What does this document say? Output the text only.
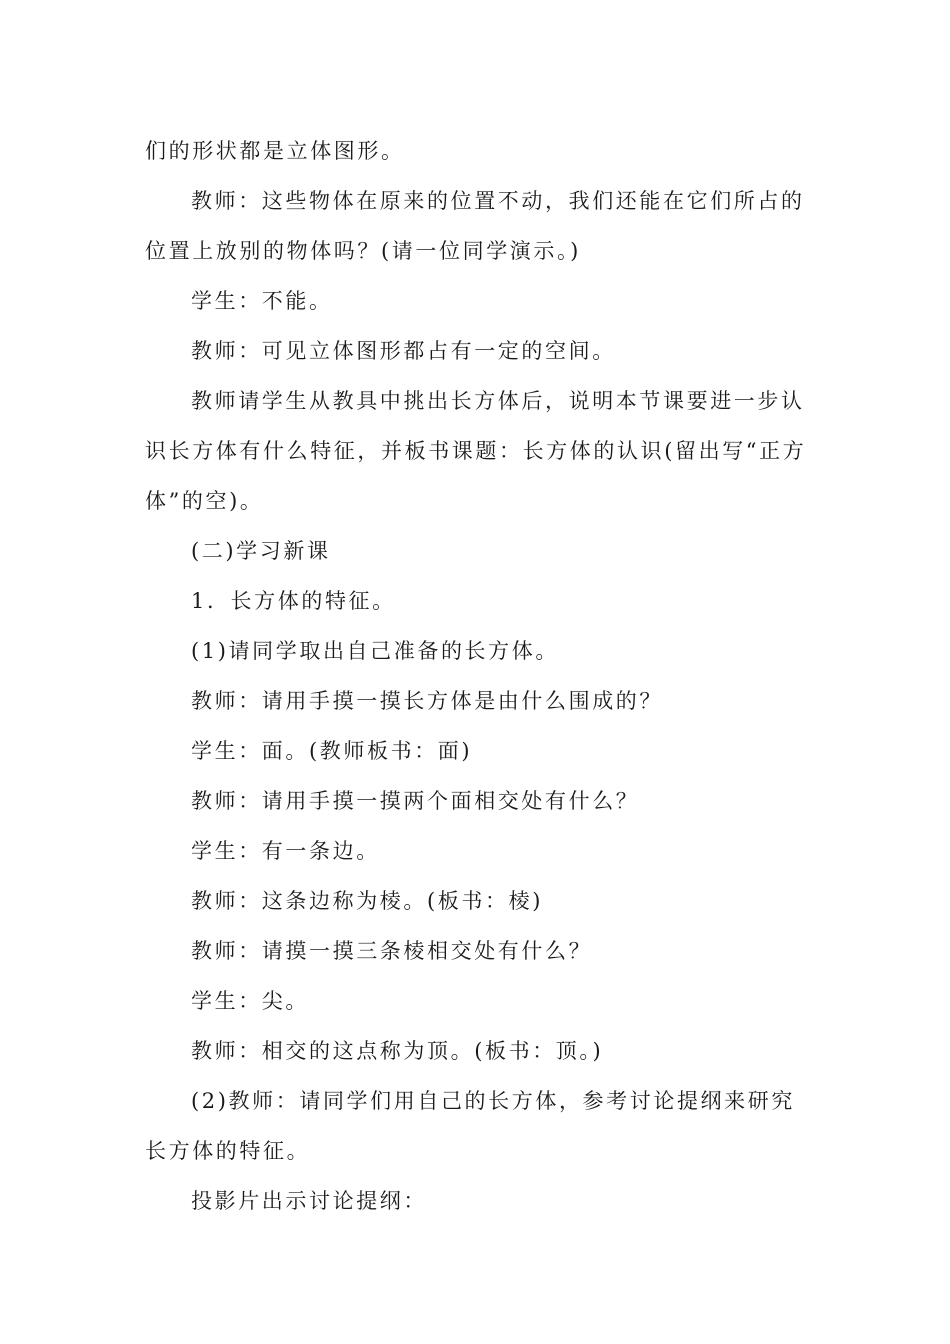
们的形状都是立体图形。

教师：这些物体在原来的位置不动，我们还能在它们所占的位置上放别的物体吗？(请一位同学演示。)

学生：不能。

教师：可见立体图形都占有一定的空间。

教师请学生从教具中挑出长方体后，说明本节课要进一步认识长方体有什么特征，并板书课题：长方体的认识(留出写“正方体”的空)。

(二)学习新课

1．长方体的特征。

(1)请同学取出自己准备的长方体。

教师：请用手摸一摸长方体是由什么围成的？

学生：面。(教师板书：面)

教师：请用手摸一摸两个面相交处有什么？

学生：有一条边。

教师：这条边称为棱。(板书：棱)

教师：请摸一摸三条棱相交处有什么？

学生：尖。

教师：相交的这点称为顶。(板书：顶。)

(2)教师：请同学们用自己的长方体，参考讨论提纲来研究长方体的特征。

投影片出示讨论提纲：
